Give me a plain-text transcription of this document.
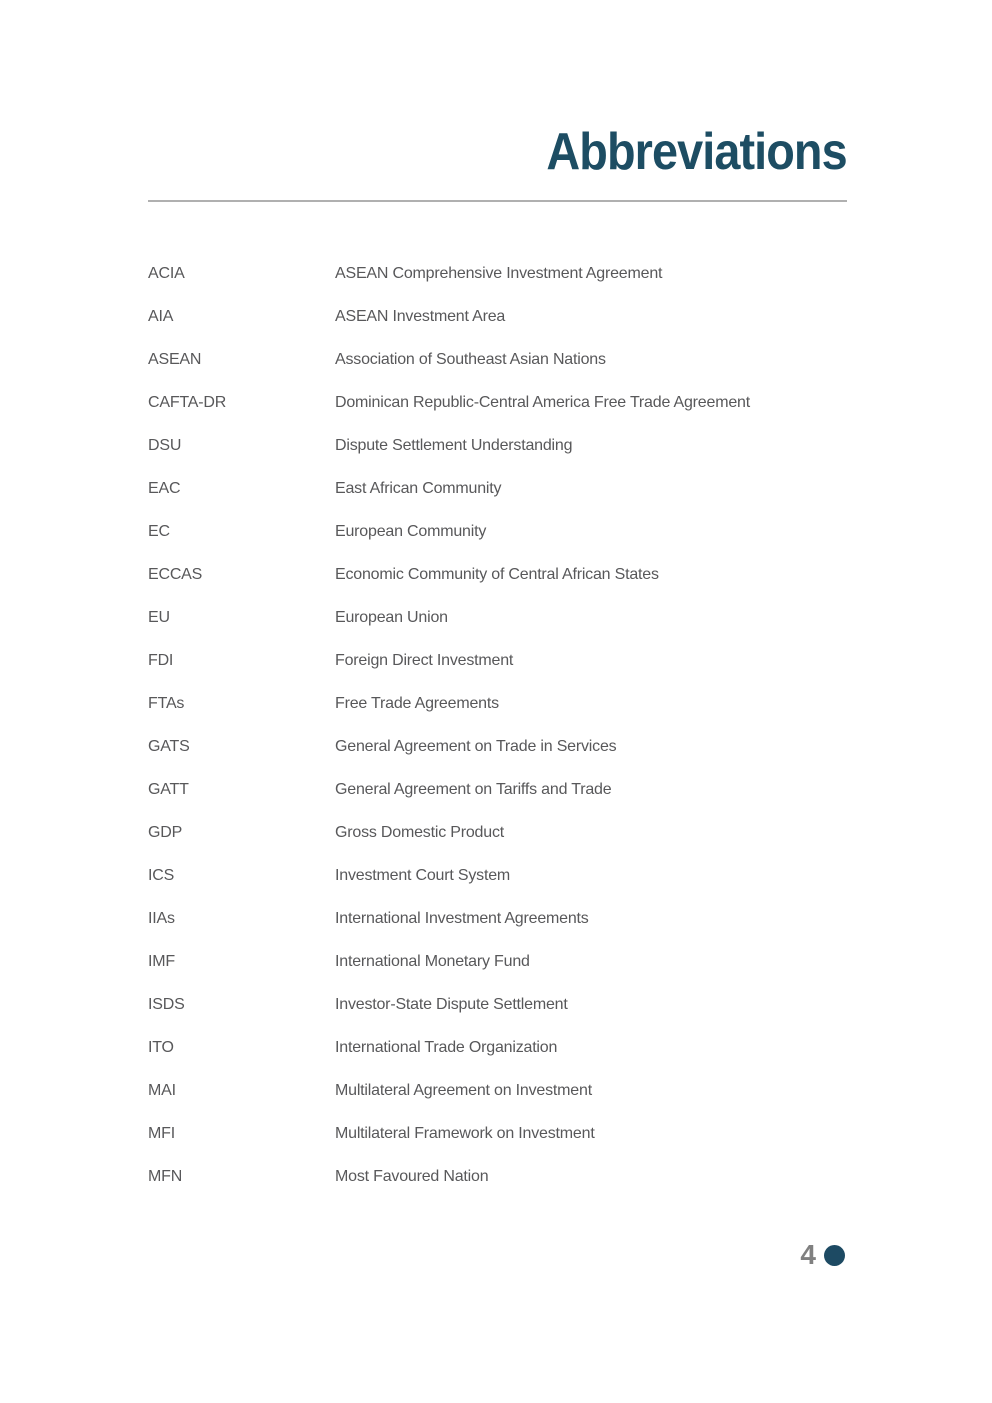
Abbreviations
ACIA	ASEAN Comprehensive Investment Agreement
AIA	ASEAN Investment Area
ASEAN	Association of Southeast Asian Nations
CAFTA-DR	Dominican Republic-Central America Free Trade Agreement
DSU	Dispute Settlement Understanding
EAC	East African Community
EC	European Community
ECCAS	Economic Community of Central African States
EU	European Union
FDI	Foreign Direct Investment
FTAs	Free Trade Agreements
GATS	General Agreement on Trade in Services
GATT	General Agreement on Tariffs and Trade
GDP	Gross Domestic Product
ICS	Investment Court System
IIAs	International Investment Agreements
IMF	International Monetary Fund
ISDS	Investor-State Dispute Settlement
ITO	International Trade Organization
MAI	Multilateral Agreement on Investment
MFI	Multilateral Framework on Investment
MFN	Most Favoured Nation
4
